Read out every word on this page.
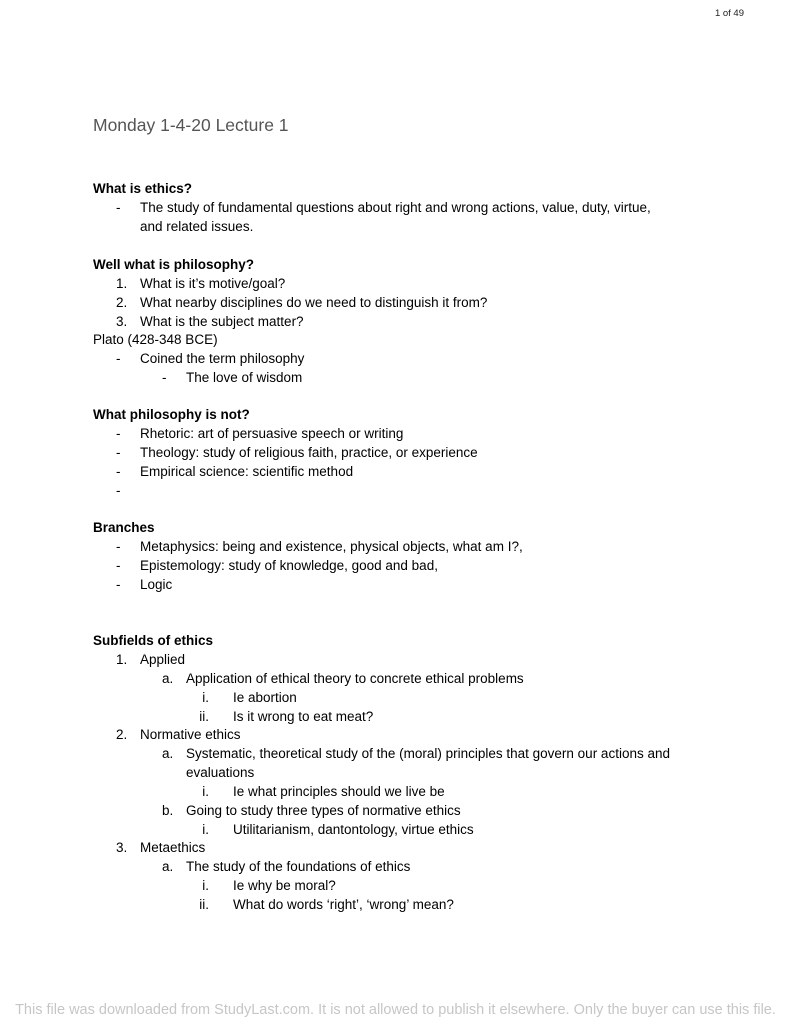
1 of 49
Monday 1-4-20 Lecture 1
What is ethics?
- The study of fundamental questions about right and wrong actions, value, duty, virtue,
and related issues.
Well what is philosophy?
1. What is it’s motive/goal?
2. What nearby disciplines do we need to distinguish it from?
3. What is the subject matter?
Plato (428-348 BCE)
- Coined the term philosophy
- The love of wisdom
What philosophy is not?
- Rhetoric: art of persuasive speech or writing
- Theology: study of religious faith, practice, or experience
- Empirical science: scientific method
-
Branches
- Metaphysics: being and existence, physical objects, what am I?,
- Epistemology: study of knowledge, good and bad,
- Logic
Subfields of ethics
1. Applied
a. Application of ethical theory to concrete ethical problems
i. Ie abortion
ii. Is it wrong to eat meat?
2. Normative ethics
a. Systematic, theoretical study of the (moral) principles that govern our actions and
evaluations
i. Ie what principles should we live be
b. Going to study three types of normative ethics
i. Utilitarianism, dantontology, virtue ethics
3. Metaethics
a. The study of the foundations of ethics
i. Ie why be moral?
ii. What do words ‘right’, ‘wrong’ mean?
This file was downloaded from StudyLast.com. It is not allowed to publish it elsewhere. Only the buyer can use this file.
